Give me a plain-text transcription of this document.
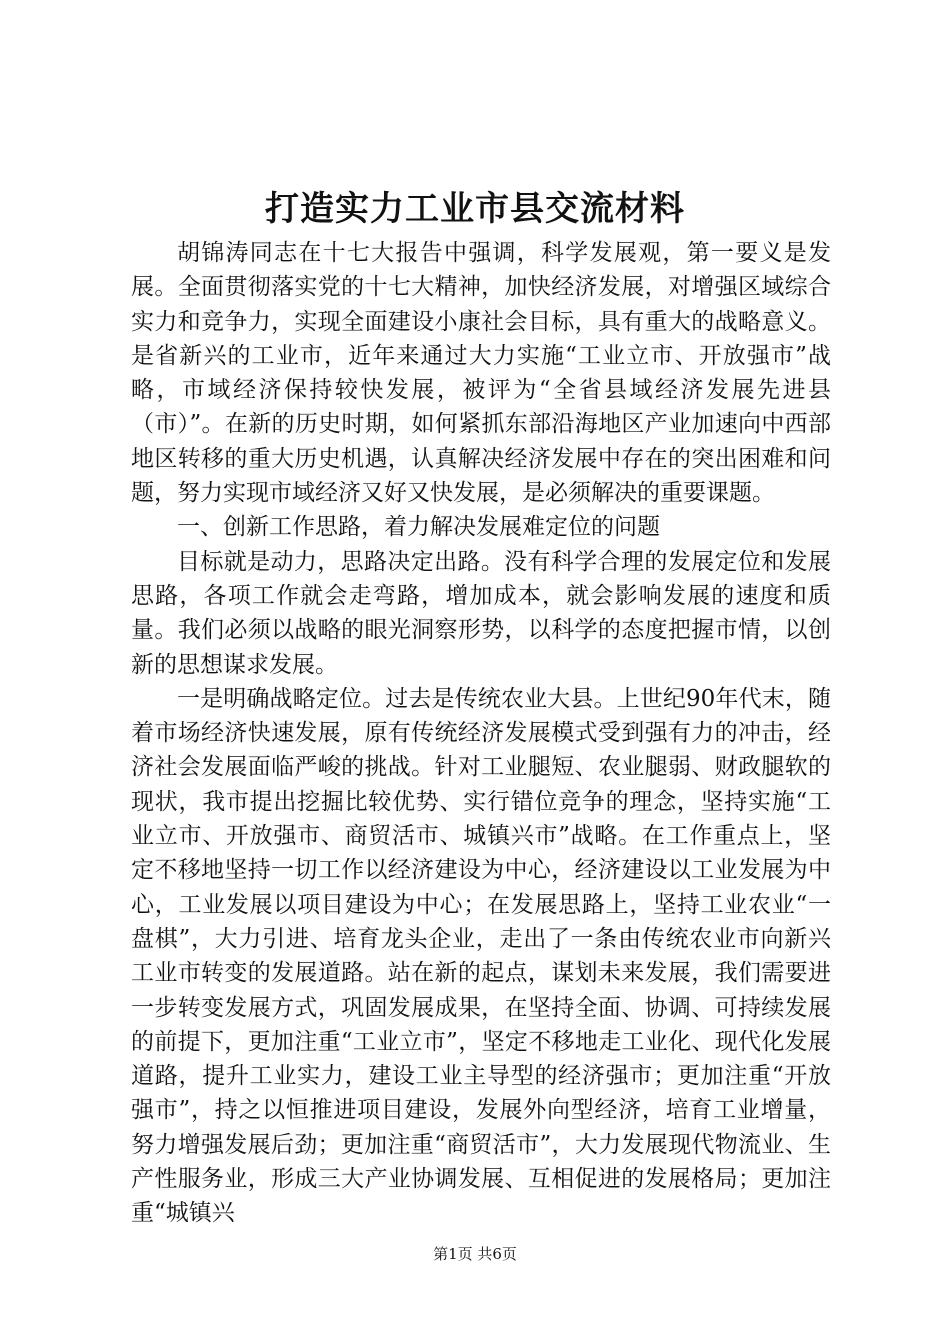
打造实力工业市县交流材料

胡锦涛同志在十七大报告中强调，科学发展观，第一要义是发展。全面贯彻落实党的十七大精神，加快经济发展，对增强区域综合实力和竞争力，实现全面建设小康社会目标，具有重大的战略意义。是省新兴的工业市，近年来通过大力实施“工业立市、开放强市”战略，市域经济保持较快发展，被评为“全省县域经济发展先进县（市）”。在新的历史时期，如何紧抓东部沿海地区产业加速向中西部地区转移的重大历史机遇，认真解决经济发展中存在的突出困难和问题，努力实现市域经济又好又快发展，是必须解决的重要课题。

一、创新工作思路，着力解决发展难定位的问题

目标就是动力，思路决定出路。没有科学合理的发展定位和发展思路，各项工作就会走弯路，增加成本，就会影响发展的速度和质量。我们必须以战略的眼光洞察形势，以科学的态度把握市情，以创新的思想谋求发展。

一是明确战略定位。过去是传统农业大县。上世纪90年代末，随着市场经济快速发展，原有传统经济发展模式受到强有力的冲击，经济社会发展面临严峻的挑战。针对工业腿短、农业腿弱、财政腿软的现状，我市提出挖掘比较优势、实行错位竞争的理念，坚持实施“工业立市、开放强市、商贸活市、城镇兴市”战略。在工作重点上，坚定不移地坚持一切工作以经济建设为中心，经济建设以工业发展为中心，工业发展以项目建设为中心；在发展思路上，坚持工业农业“一盘棋”，大力引进、培育龙头企业，走出了一条由传统农业市向新兴工业市转变的发展道路。站在新的起点，谋划未来发展，我们需要进一步转变发展方式，巩固发展成果，在坚持全面、协调、可持续发展的前提下，更加注重“工业立市”，坚定不移地走工业化、现代化发展道路，提升工业实力，建设工业主导型的经济强市；更加注重“开放强市”，持之以恒推进项目建设，发展外向型经济，培育工业增量，努力增强发展后劲；更加注重“商贸活市”，大力发展现代物流业、生产性服务业，形成三大产业协调发展、互相促进的发展格局；更加注重“城镇兴

第1页 共6页
